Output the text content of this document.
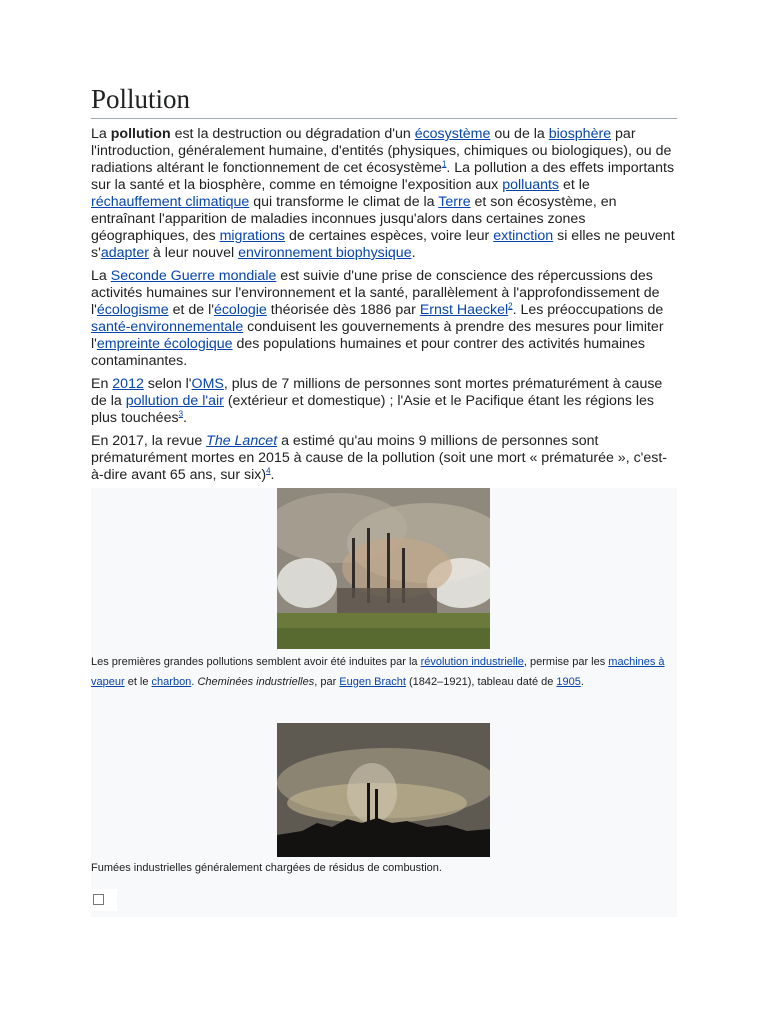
Pollution

La pollution est la destruction ou dégradation d'un écosystème ou de la biosphère par l'introduction, généralement humaine, d'entités (physiques, chimiques ou biologiques), ou de radiations altérant le fonctionnement de cet écosystème$^1$. La pollution a des effets importants sur la santé et la biosphère, comme en témoigne l'exposition aux polluants et le réchauffement climatique qui transforme le climat de la Terre et son écosystème, en entraînant l'apparition de maladies inconnues jusqu'alors dans certaines zones géographiques, des migrations de certaines espèces, voire leur extinction si elles ne peuvent s'adapter à leur nouvel environnement biophysique.

La Seconde Guerre mondiale est suivie d'une prise de conscience des répercussions des activités humaines sur l'environnement et la santé, parallèlement à l'approfondissement de l'écologisme et de l'écologie théorisée dès 1886 par Ernst Haeckel$^2$. Les préoccupations de santé-environnementale conduisent les gouvernements à prendre des mesures pour limiter l'empreinte écologique des populations humaines et pour contrer des activités humaines contaminantes.

En 2012 selon l'OMS, plus de 7 millions de personnes sont mortes prématurément à cause de la pollution de l'air (extérieur et domestique) ; l'Asie et le Pacifique étant les régions les plus touchées$^3$.

En 2017, la revue The Lancet a estimé qu'au moins 9 millions de personnes sont prématurément mortes en 2015 à cause de la pollution (soit une mort « prématurée », c'est-à-dire avant 65 ans, sur six)$^4$.

Les premières grandes pollutions semblent avoir été induites par la révolution industrielle, permise par les machines à vapeur et le charbon. Cheminées industrielles, par Eugen Bracht (1842–1921), tableau daté de 1905.
Fumées industrielles généralement chargées de résidus de combustion.
